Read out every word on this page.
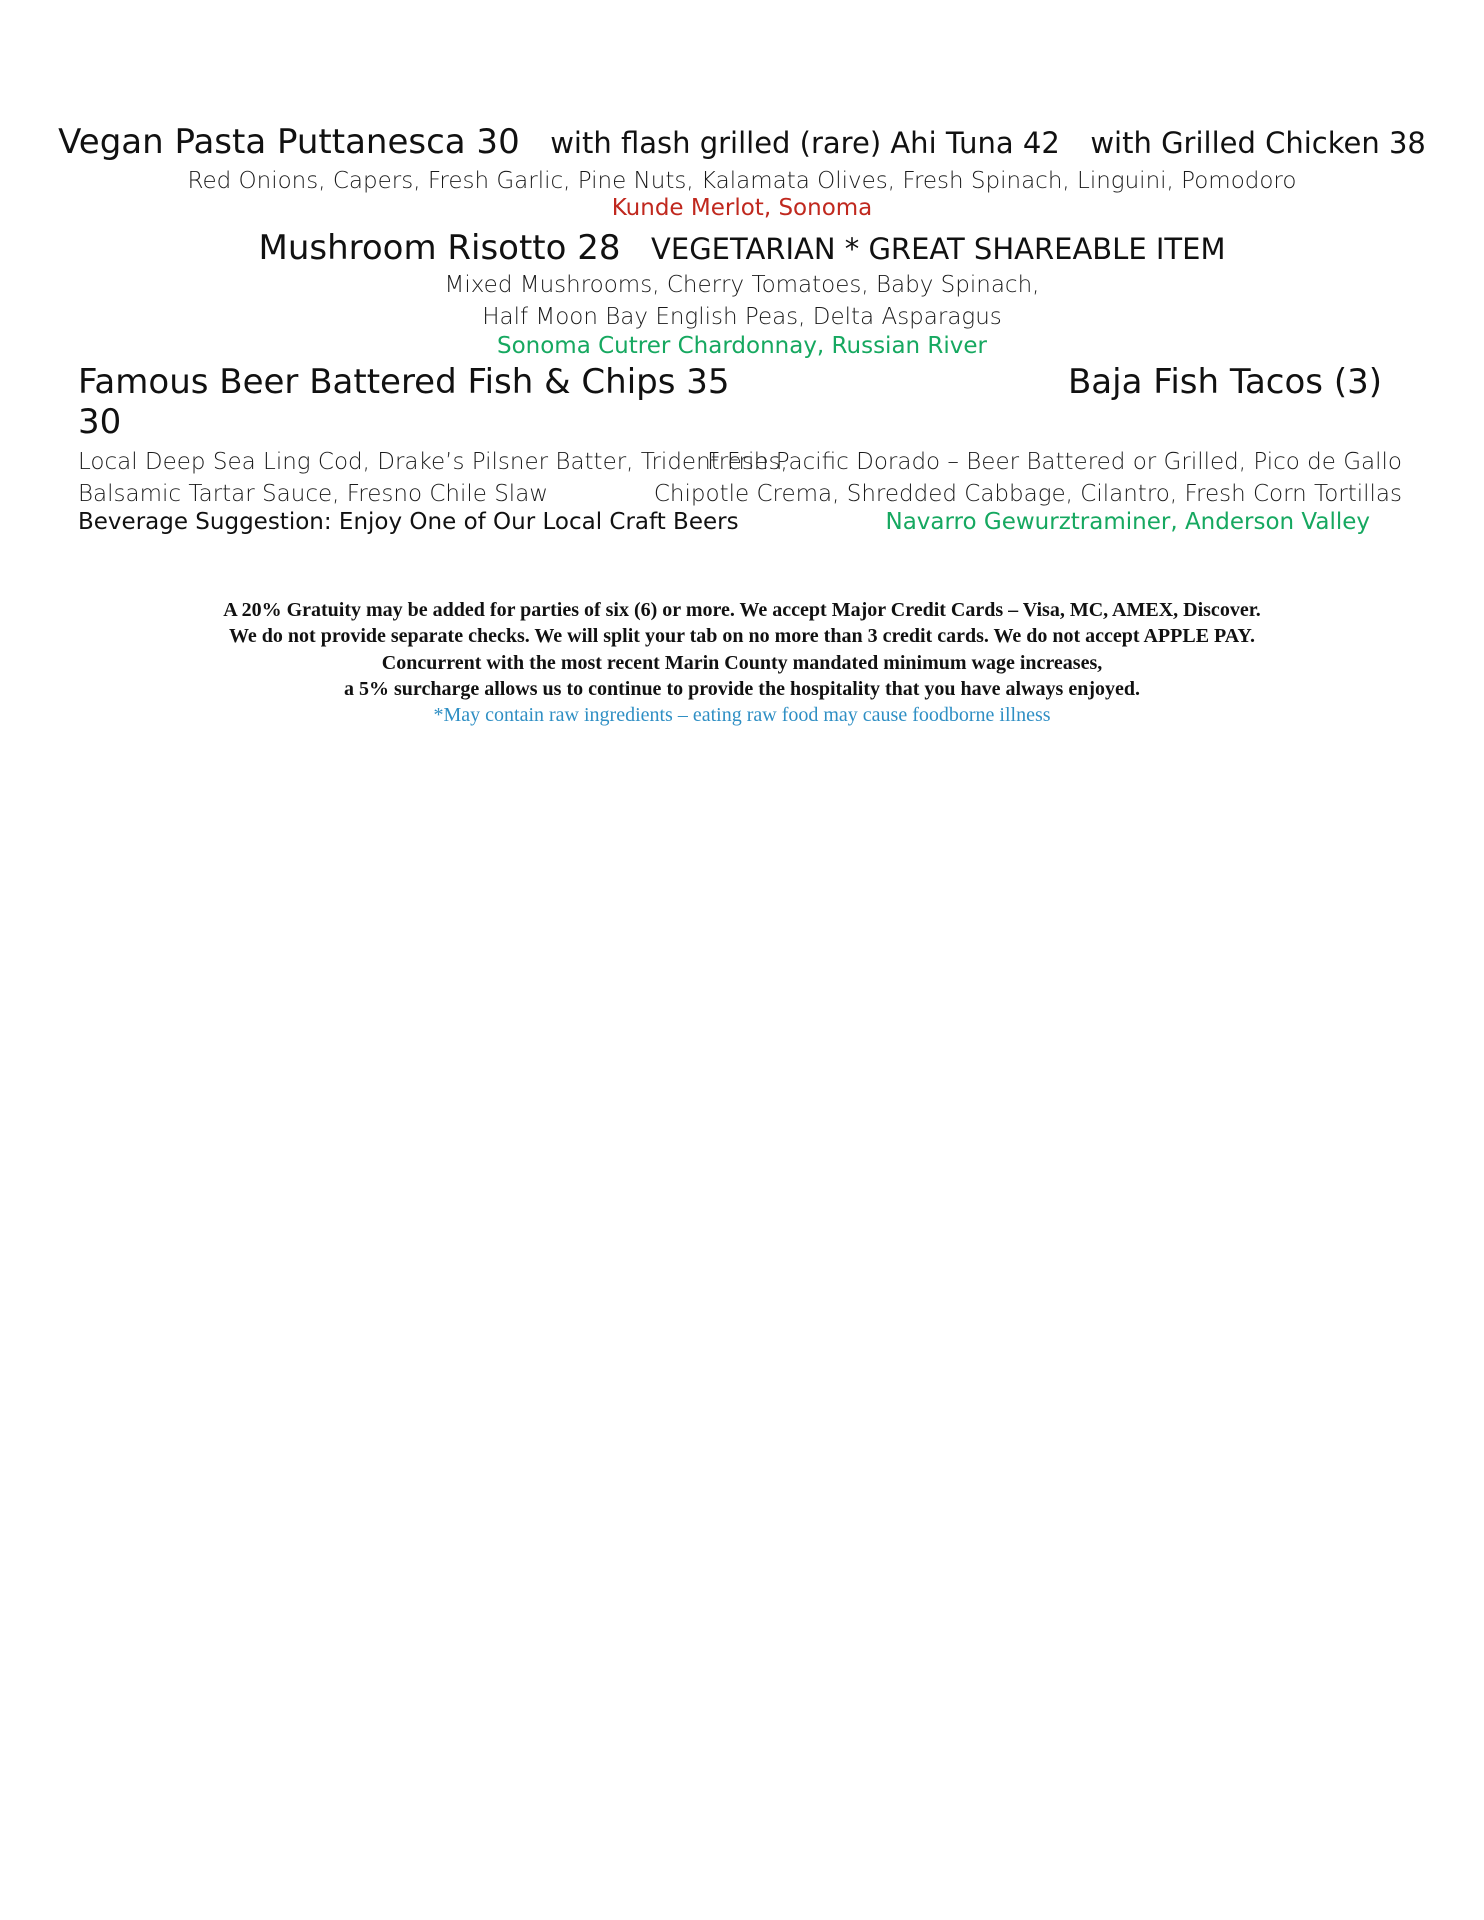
Vegan Pasta Puttanesca 30 with flash grilled (rare) Ahi Tuna 42 with Grilled Chicken 38
Red Onions, Capers, Fresh Garlic, Pine Nuts, Kalamata Olives, Fresh Spinach, Linguini, Pomodoro
Kunde Merlot, Sonoma
Mushroom Risotto 28 VEGETARIAN * GREAT SHAREABLE ITEM
Mixed Mushrooms, Cherry Tomatoes, Baby Spinach,
Half Moon Bay English Peas, Delta Asparagus
Sonoma Cutrer Chardonnay, Russian River
Famous Beer Battered Fish & Chips 35
30
Local Deep Sea Ling Cod, Drake’s Pilsner Batter, Trident Fries,
Balsamic Tartar Sauce, Fresno Chile Slaw
Beverage Suggestion: Enjoy One of Our Local Craft Beers
Baja Fish Tacos (3)
Fresh Pacific Dorado – Beer Battered or Grilled, Pico de Gallo
Chipotle Crema, Shredded Cabbage, Cilantro, Fresh Corn Tortillas
Navarro Gewurztraminer, Anderson Valley
A 20% Gratuity may be added for parties of six (6) or more. We accept Major Credit Cards – Visa, MC, AMEX, Discover.
We do not provide separate checks. We will split your tab on no more than 3 credit cards. We do not accept APPLE PAY.
Concurrent with the most recent Marin County mandated minimum wage increases,
a 5% surcharge allows us to continue to provide the hospitality that you have always enjoyed.
*May contain raw ingredients – eating raw food may cause foodborne illness
